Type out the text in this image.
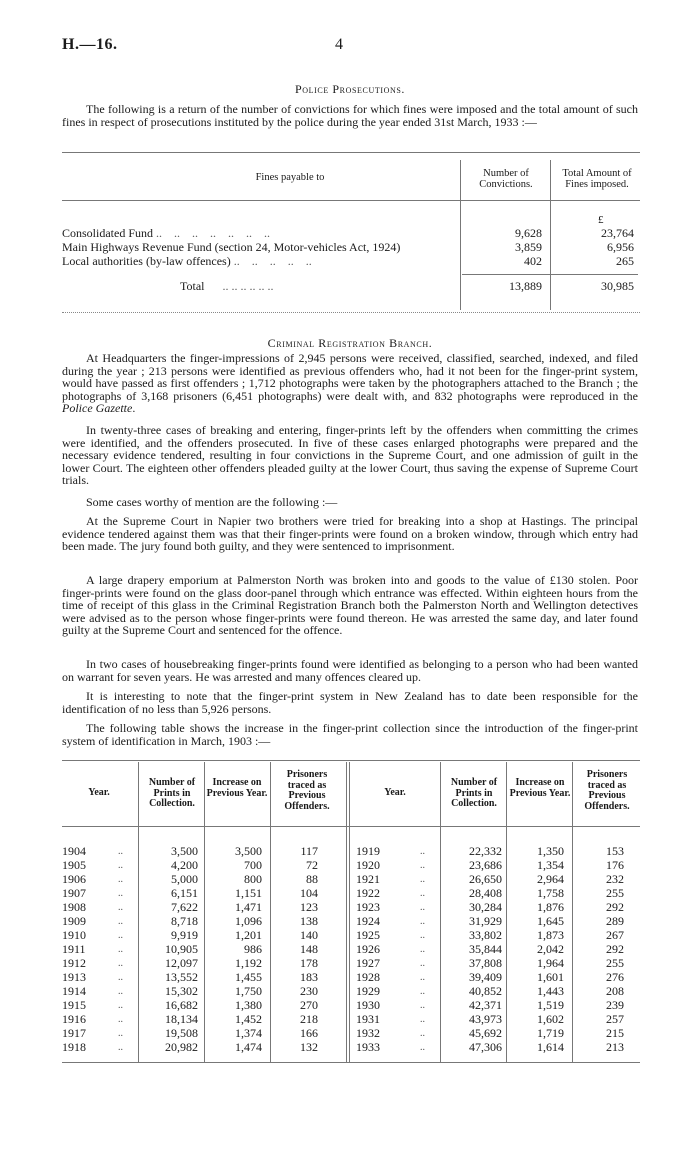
H.—16.	4
Police Prosecutions.
The following is a return of the number of convictions for which fines were imposed and the total amount of such fines in respect of prosecutions instituted by the police during the year ended 31st March, 1933 :—
Fines payable to	Number of Convictions.
Total Amount of Fines imposed.
£
Consolidated Fund ..    ..    ..    ..    ..    ..    ..	9,628	23,764
Main Highways Revenue Fund (section 24, Motor-vehicles Act, 1924)	3,859	6,956
Local authorities (by-law offences) ..    ..    ..    ..    ..	402	265
Total .. .. .. .. .. ..	13,889	30,985
Criminal Registration Branch.
At Headquarters the finger-impressions of 2,945 persons were received, classified, searched, indexed, and filed during the year ; 213 persons were identified as previous offenders who, had it not been for the finger-print system, would have passed as first offenders ; 1,712 photographs were taken by the photographers attached to the Branch ; the photographs of 3,168 prisoners (6,451 photographs) were dealt with, and 832 photographs were reproduced in the Police Gazette.
In twenty-three cases of breaking and entering, finger-prints left by the offenders when committing the crimes were identified, and the offenders prosecuted. In five of these cases enlarged photographs were prepared and the necessary evidence tendered, resulting in four convictions in the Supreme Court, and one admission of guilt in the lower Court. The eighteen other offenders pleaded guilty at the lower Court, thus saving the expense of Supreme Court trials.
Some cases worthy of mention are the following :—
At the Supreme Court in Napier two brothers were tried for breaking into a shop at Hastings. The principal evidence tendered against them was that their finger-prints were found on a broken window, through which entry had been made. The jury found both guilty, and they were sentenced to imprisonment.
A large drapery emporium at Palmerston North was broken into and goods to the value of £130 stolen. Poor finger-prints were found on the glass door-panel through which entrance was effected. Within eighteen hours from the time of receipt of this glass in the Criminal Registration Branch both the Palmerston North and Wellington detectives were advised as to the person whose finger-prints were found thereon. He was arrested the same day, and later found guilty at the Supreme Court and sentenced for the offence.
In two cases of housebreaking finger-prints found were identified as belonging to a person who had been wanted on warrant for seven years. He was arrested and many offences cleared up.
It is interesting to note that the finger-print system in New Zealand has to date been responsible for the identification of no less than 5,926 persons.
The following table shows the increase in the finger-print collection since the introduction of the finger-print system of identification in March, 1903 :—
Year.
Number of Prints in Collection.
Increase on Previous Year.
Prisoners traced as Previous Offenders.
Year.
Number of Prints in Collection.
Increase on Previous Year.
Prisoners traced as Previous Offenders.
1904	..	3,500	3,500	117	1919	..	22,332	1,350	153
1905	..	4,200	700	72	1920	..	23,686	1,354	176
1906	..	5,000	800	88	1921	..	26,650	2,964	232
1907	..	6,151	1,151	104	1922	..	28,408	1,758	255
1908	..	7,622	1,471	123	1923	..	30,284	1,876	292
1909	..	8,718	1,096	138	1924	..	31,929	1,645	289
1910	..	9,919	1,201	140	1925	..	33,802	1,873	267
1911	..	10,905	986	148	1926	..	35,844	2,042	292
1912	..	12,097	1,192	178	1927	..	37,808	1,964	255
1913	..	13,552	1,455	183	1928	..	39,409	1,601	276
1914	..	15,302	1,750	230	1929	..	40,852	1,443	208
1915	..	16,682	1,380	270	1930	..	42,371	1,519	239
1916	..	18,134	1,452	218	1931	..	43,973	1,602	257
1917	..	19,508	1,374	166	1932	..	45,692	1,719	215
1918	..	20,982	1,474	132	1933	..	47,306	1,614	213
